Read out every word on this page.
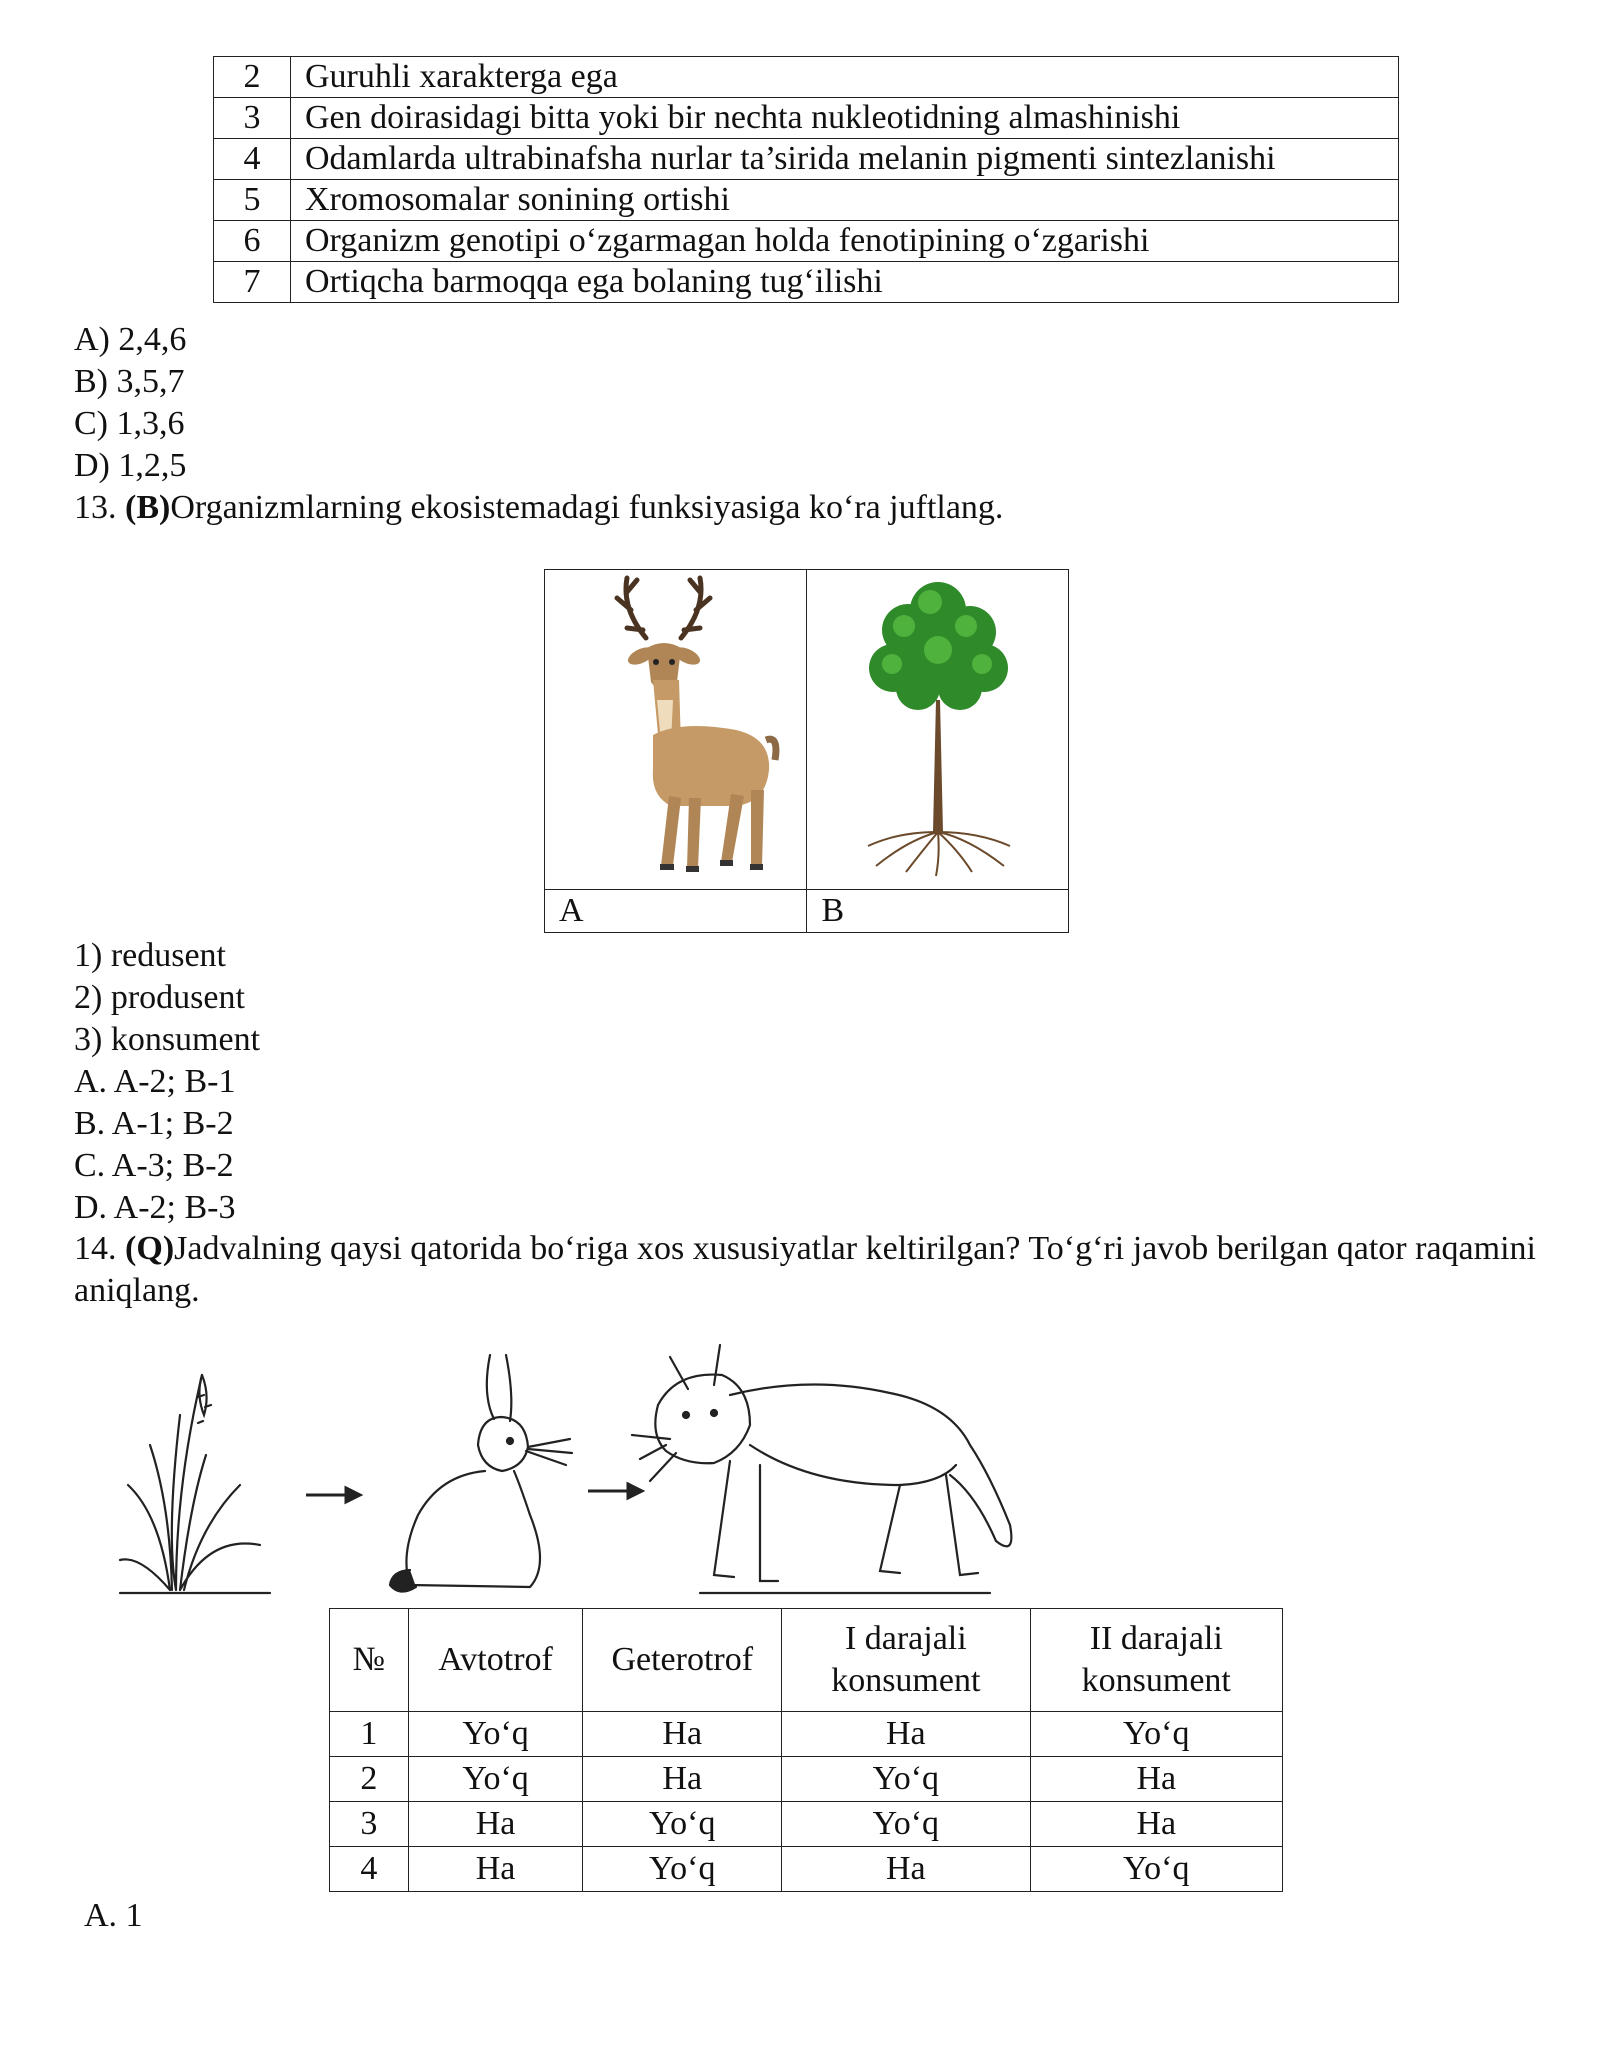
2	Guruhli xarakterga ega
3	Gen doirasidagi bitta yoki bir nechta nukleotidning almashinishi
4	Odamlarda ultrabinafsha nurlar ta’sirida melanin pigmenti sintezlanishi
5	Xromosomalar sonining ortishi
6	Organizm genotipi o‘zgarmagan holda fenotipining o‘zgarishi
7	Ortiqcha barmoqqa ega bolaning tug‘ilishi
A) 2,4,6
B) 3,5,7
C) 1,3,6
D) 1,2,5
13. (B)Organizmlarning ekosistemadagi funksiyasiga ko‘ra juftlang.

A	B
1) redusent
2) produsent
3) konsument
A. A-2; B-1
B. A-1; B-2
C. A-3; B-2
D. A-2; B-3
14. (Q)Jadvalning qaysi qatorida bo‘riga xos xususiyatlar keltirilgan? To‘g‘ri javob berilgan qator raqamini aniqlang.
№	Avtotrof	Geterotrof	I darajali konsument	II darajali konsument
1	Yo‘q	Ha	Ha	Yo‘q
2	Yo‘q	Ha	Yo‘q	Ha
3	Ha	Yo‘q	Yo‘q	Ha
4	Ha	Yo‘q	Ha	Yo‘q
A. 1
